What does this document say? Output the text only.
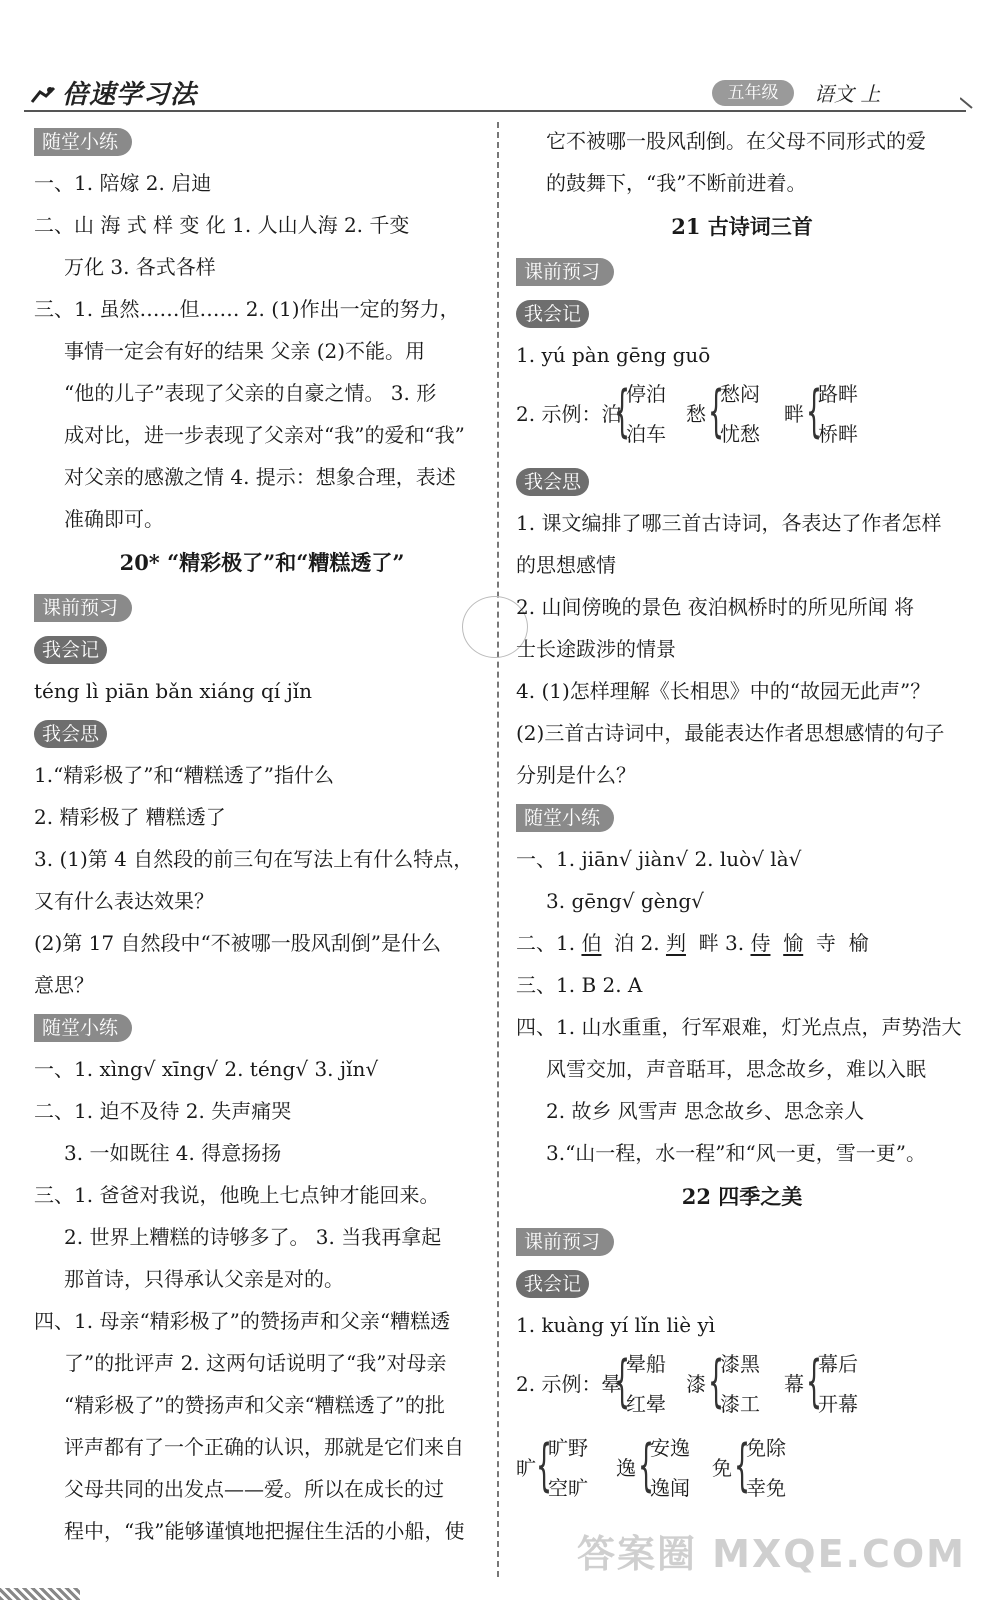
倍速学习法	五年级	语文 上
随堂小练
一、1. 陪嫁 2. 启迪
二、山 海 式 样 变 化 1. 人山人海 2. 千变
万化 3. 各式各样
三、1. 虽然……但…… 2. (1)作出一定的努力，
事情一定会有好的结果 父亲 (2)不能。用
“他的儿子”表现了父亲的自豪之情。 3. 形
成对比，进一步表现了父亲对“我”的爱和“我”
对父亲的感激之情 4. 提示：想象合理，表述
准确即可。
20* “精彩极了”和“糟糕透了”
课前预习
我会记
téng lì piān bǎn xiáng qí jǐn
我会思
1.“精彩极了”和“糟糕透了”指什么
2. 精彩极了 糟糕透了
3. (1)第 4 自然段的前三句在写法上有什么特点，
又有什么表达效果？
(2)第 17 自然段中“不被哪一股风刮倒”是什么
意思？
随堂小练
一、1. xìng√ xīng√ 2. téng√ 3. jǐn√
二、1. 迫不及待 2. 失声痛哭
3. 一如既往 4. 得意扬扬
三、1. 爸爸对我说，他晚上七点钟才能回来。
2. 世界上糟糕的诗够多了。 3. 当我再拿起
那首诗，只得承认父亲是对的。
四、1. 母亲“精彩极了”的赞扬声和父亲“糟糕透
了”的批评声 2. 这两句话说明了“我”对母亲
“精彩极了”的赞扬声和父亲“糟糕透了”的批
评声都有了一个正确的认识，那就是它们来自
父母共同的出发点——爱。所以在成长的过
程中，“我”能够谨慎地把握住生活的小船，使
它不被哪一股风刮倒。在父母不同形式的爱
的鼓舞下，“我”不断前进着。
21 古诗词三首
课前预习
我会记
1. yú pàn gēng guō
2. 示例：泊
{
停泊
泊车
愁 {
愁闷
忧愁
畔 {
路畔
桥畔
我会思
1. 课文编排了哪三首古诗词，各表达了作者怎样
的思想感情
2. 山间傍晚的景色 夜泊枫桥时的所见所闻 将
士长途跋涉的情景
4. (1)怎样理解《长相思》中的“故园无此声”？
(2)三首古诗词中，最能表达作者思想感情的句子
分别是什么？
随堂小练
一、1. jiān√ jiàn√ 2. luò√ là√
3. gēng√ gèng√
二、1. 伯 泊 2. 判 畔 3. 侍 愉 寺 榆
三、1. B 2. A
四、1. 山水重重，行军艰难，灯光点点，声势浩大
风雪交加，声音聒耳，思念故乡，难以入眠
2. 故乡 风雪声 思念故乡、思念亲人
3.“山一程，水一程”和“风一更，雪一更”。
22 四季之美
课前预习
我会记
1. kuàng yí lǐn liè yì
2. 示例：晕
{
晕船
红晕
漆 {
漆黑
漆工
幕 {
幕后
开幕
旷 {
旷野
空旷
逸 {
安逸
逸闻
免 {
免除
幸免
答案圈 MXQE.COM
